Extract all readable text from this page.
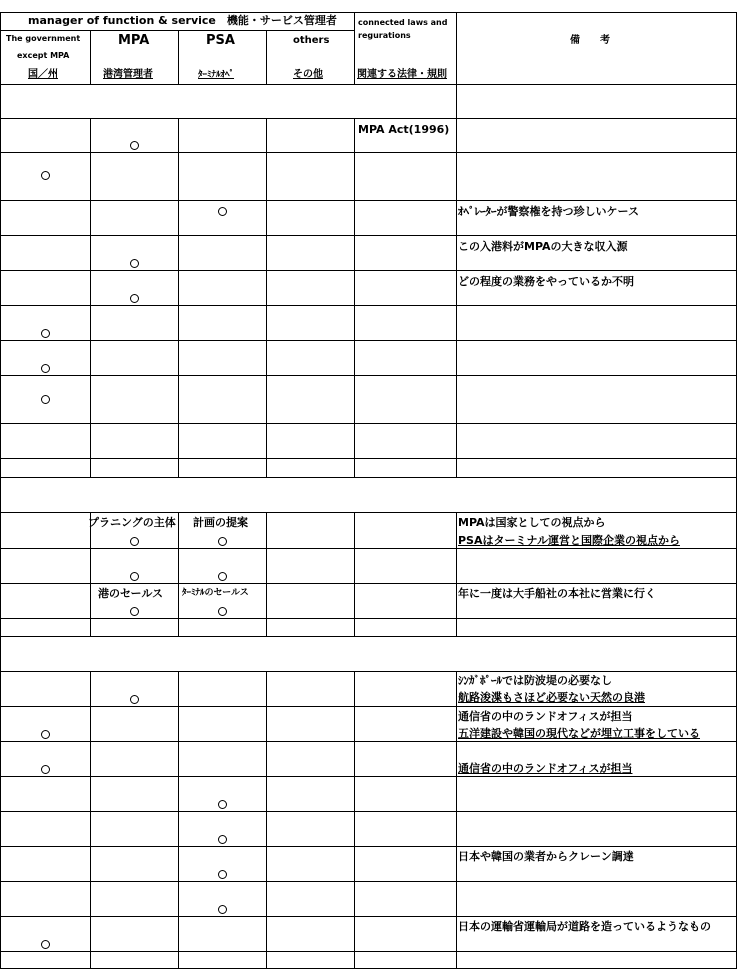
manager of function & service　機能・サービス管理者
The government
except MPA
国／州
MPA
港湾管理者
PSA
ﾀｰﾐﾅﾙｵﾍﾟ
others
その他
connected laws and
regurations
関連する法律・規則
備　　考
MPA Act(1996)
プラニングの主体 計画の提案
港のセールス ﾀｰﾐﾅﾙのセールス
ｵﾍﾟﾚｰﾀｰが警察権を持つ珍しいケース
この入港料がMPAの大きな収入源
どの程度の業務をやっているか不明
MPAは国家としての視点から
PSAはターミナル運営と国際企業の視点から
年に一度は大手船社の本社に営業に行く
ｼﾝｶﾞﾎﾟｰﾙでは防波堤の必要なし
航路浚渫もさほど必要ない天然の良港
通信省の中のランドオフィスが担当
五洋建設や韓国の現代などが埋立工事をしている
通信省の中のランドオフィスが担当
日本や韓国の業者からクレーン調達
日本の運輸省運輸局が道路を造っているようなもの
